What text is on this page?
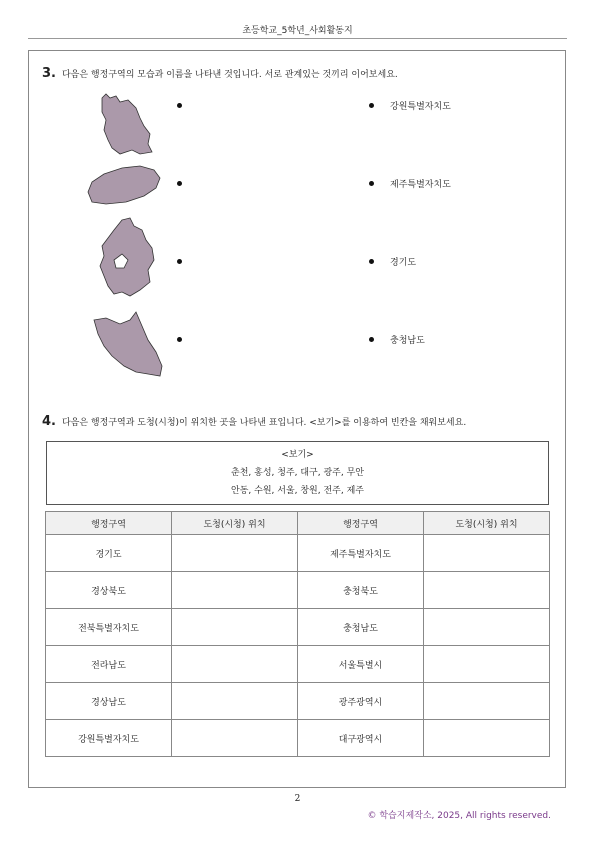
초등학교_5학년_사회활동지
3. 다음은 행정구역의 모습과 이름을 나타낸 것입니다. 서로 관계있는 것끼리 이어보세요.
강원특별자치도
제주특별자치도
경기도
충청남도
4. 다음은 행정구역과 도청(시청)이 위치한 곳을 나타낸 표입니다. <보기>를 이용하여 빈칸을 채워보세요.
<보기>
춘천, 홍성, 청주, 대구, 광주, 무안
안동, 수원, 서울, 창원, 전주, 제주
행정구역	도청(시청) 위치	행정구역	도청(시청) 위치
경기도		제주특별자치도	
경상북도		충청북도	
전북특별자치도		충청남도	
전라남도		서울특별시	
경상남도		광주광역시	
강원특별자치도		대구광역시	
2
© 학습지제작소, 2025, All rights reserved.
